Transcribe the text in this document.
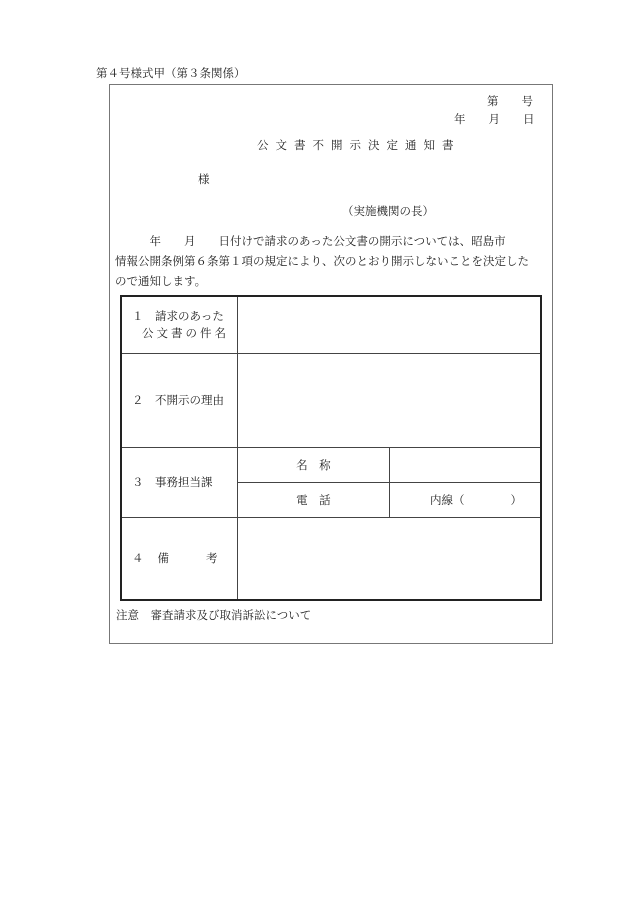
第４号様式甲（第３条関係）
第　　号
年　　月　　日
公文書不開示決定通知書
様
（実施機関の長）
　　　年　　月　　日付けで請求のあった公文書の開示については、昭島市
情報公開条例第６条第１項の規定により、次のとおり開示しないことを決定した
ので通知します。
１　請求のあった
公文書の件名		

２　不開示の理由		
３　事務担当課	名　称	
	電　話	内線（　　　　）
４ 備 考		
注意　審査請求及び取消訴訟について
